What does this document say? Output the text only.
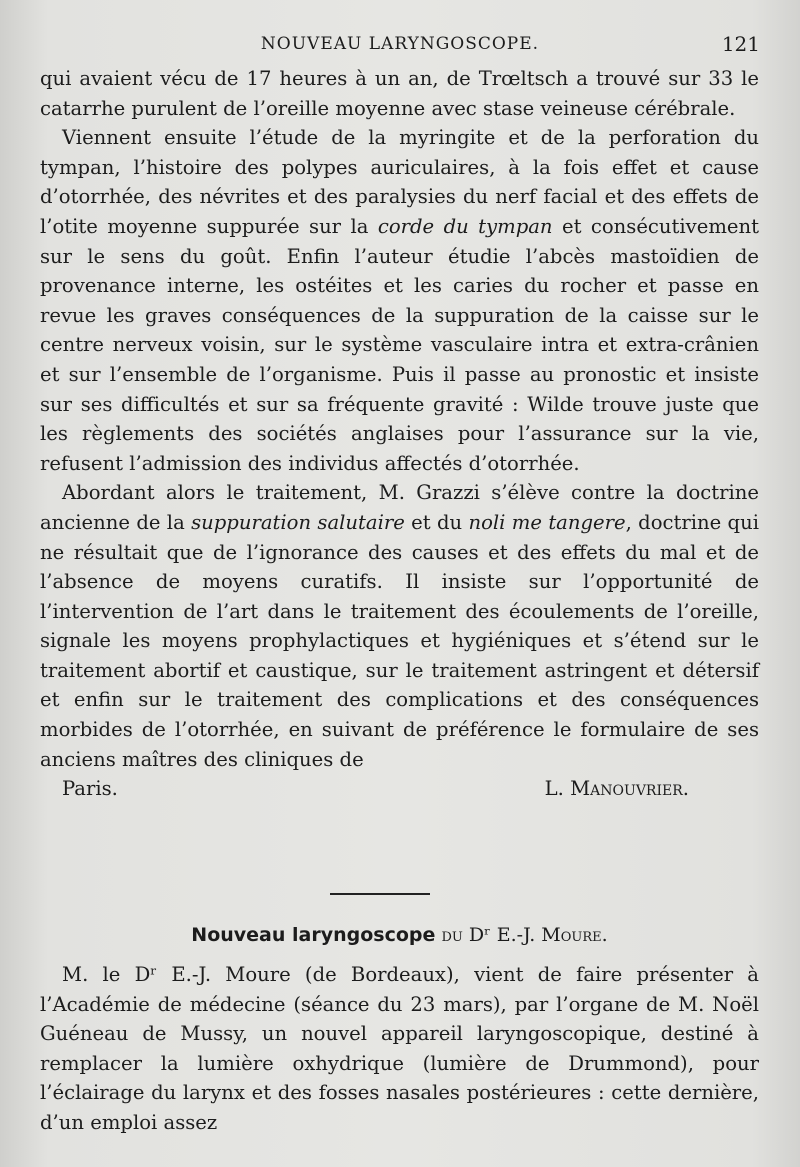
NOUVEAU LARYNGOSCOPE.	121

qui avaient vécu de 17 heures à un an, de Trœltsch a trouvé sur 33 le catarrhe purulent de l’oreille moyenne avec stase veineuse cérébrale.

Viennent ensuite l’étude de la myringite et de la perforation du tympan, l’histoire des polypes auriculaires, à la fois effet et cause d’otorrhée, des névrites et des paralysies du nerf facial et des effets de l’otite moyenne suppurée sur la corde du tympan et consécutivement sur le sens du goût. Enfin l’auteur étudie l’abcès mastoïdien de provenance interne, les ostéites et les caries du rocher et passe en revue les graves conséquences de la suppuration de la caisse sur le centre nerveux voisin, sur le système vasculaire intra et extra-crânien et sur l’ensemble de l’organisme. Puis il passe au pronostic et insiste sur ses difficultés et sur sa fréquente gravité : Wilde trouve juste que les règlements des sociétés anglaises pour l’assurance sur la vie, refusent l’admission des individus affectés d’otorrhée.

Abordant alors le traitement, M. Grazzi s’élève contre la doctrine ancienne de la suppuration salutaire et du noli me tangere, doctrine qui ne résultait que de l’ignorance des causes et des effets du mal et de l’absence de moyens curatifs. Il insiste sur l’opportunité de l’intervention de l’art dans le traitement des écoulements de l’oreille, signale les moyens prophylactiques et hygiéniques et s’étend sur le traitement abortif et caustique, sur le traitement astringent et détersif et enfin sur le traitement des complications et des conséquences morbides de l’otorrhée, en suivant de préférence le formulaire de ses anciens maîtres des cliniques de

Paris.	L. Manouvrier.

Nouveau laryngoscope du Dʳ E.-J. Moure.

M. le Dʳ E.-J. Moure (de Bordeaux), vient de faire présenter à l’Académie de médecine (séance du 23 mars), par l’organe de M. Noël Guéneau de Mussy, un nouvel appareil laryngoscopique, destiné à remplacer la lumière oxhydrique (lumière de Drummond), pour l’éclairage du larynx et des fosses nasales postérieures : cette dernière, d’un emploi assez
